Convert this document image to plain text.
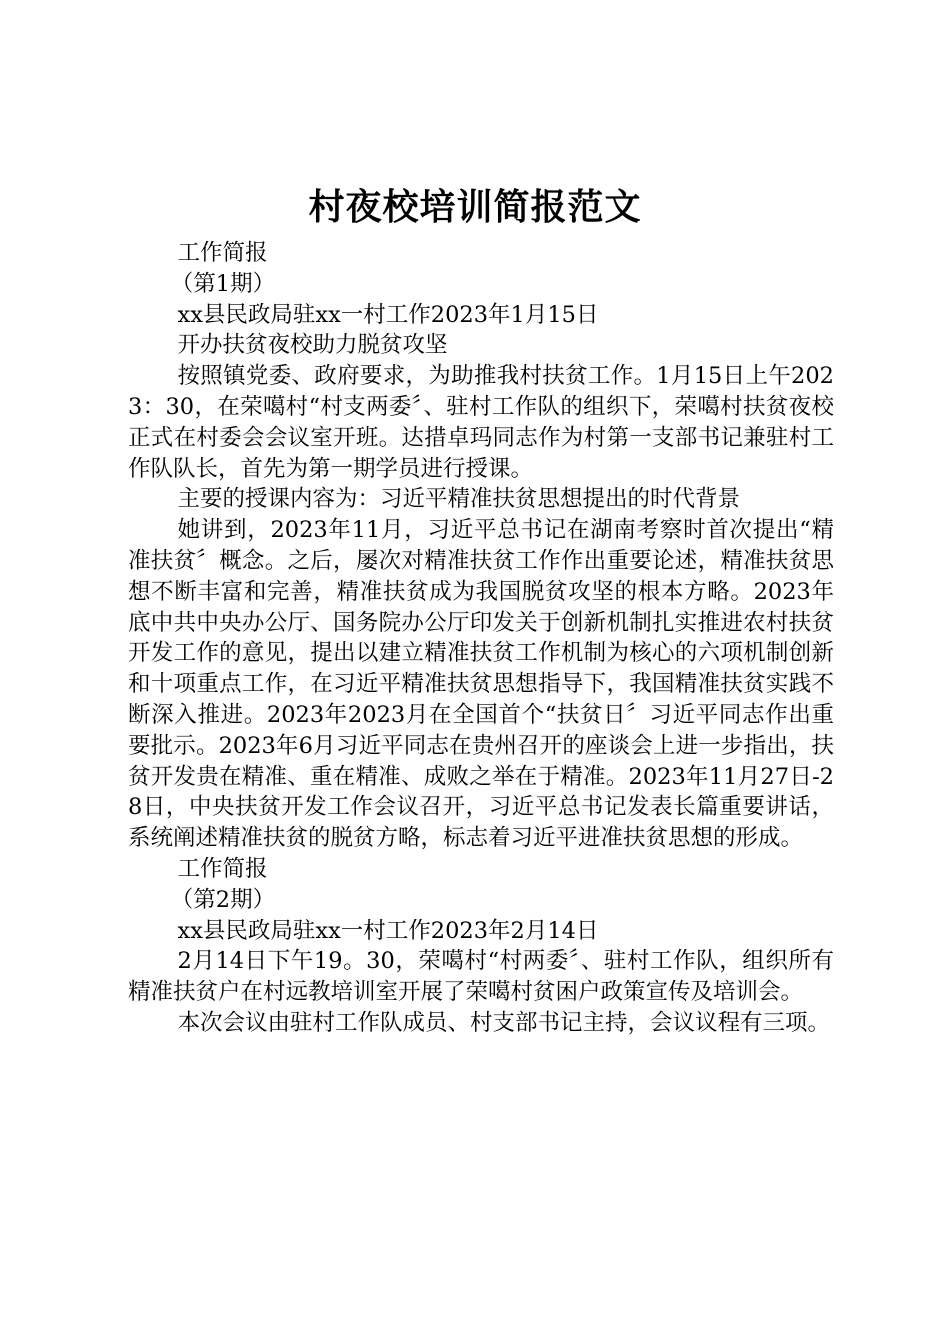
村夜校培训简报范文

工作简报

（第1期）

xx县民政局驻xx一村工作2023年1月15日

开办扶贫夜校助力脱贫攻坚

按照镇党委、政府要求，为助推我村扶贫工作。1月15日上午2023：30，在荣噶村“村支两委〞、驻村工作队的组织下，荣噶村扶贫夜校正式在村委会会议室开班。达措卓玛同志作为村第一支部书记兼驻村工作队队长，首先为第一期学员进行授课。

主要的授课内容为：习近平精准扶贫思想提出的时代背景

她讲到，2023年11月，习近平总书记在湖南考察时首次提出“精准扶贫〞概念。之后，屡次对精准扶贫工作作出重要论述，精准扶贫思想不断丰富和完善，精准扶贫成为我国脱贫攻坚的根本方略。2023年底中共中央办公厅、国务院办公厅印发关于创新机制扎实推进农村扶贫开发工作的意见，提出以建立精准扶贫工作机制为核心的六项机制创新和十项重点工作，在习近平精准扶贫思想指导下，我国精准扶贫实践不断深入推进。2023年2023月在全国首个“扶贫日〞习近平同志作出重要批示。2023年6月习近平同志在贵州召开的座谈会上进一步指出，扶贫开发贵在精准、重在精准、成败之举在于精准。2023年11月27日-28日，中央扶贫开发工作会议召开，习近平总书记发表长篇重要讲话，系统阐述精准扶贫的脱贫方略，标志着习近平进准扶贫思想的形成。

工作简报

（第2期）

xx县民政局驻xx一村工作2023年2月14日

2月14日下午19。30，荣噶村“村两委〞、驻村工作队，组织所有精准扶贫户在村远教培训室开展了荣噶村贫困户政策宣传及培训会。

本次会议由驻村工作队成员、村支部书记主持，会议议程有三项。
